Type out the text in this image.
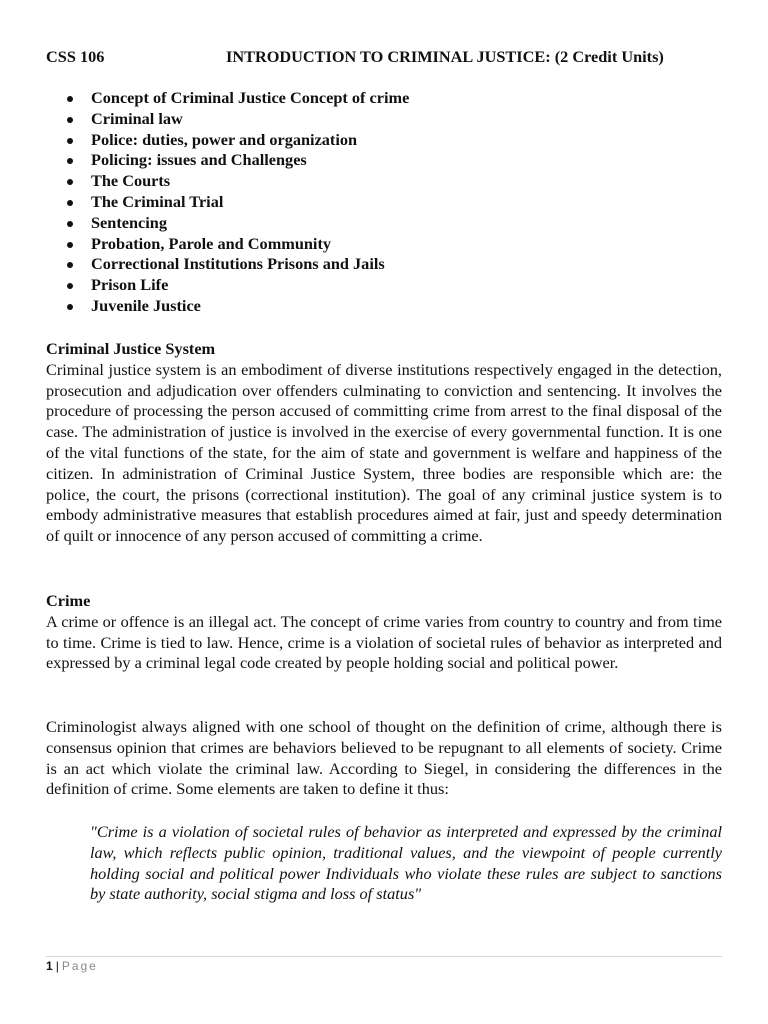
CSS 106	INTRODUCTION TO CRIMINAL JUSTICE: (2 Credit Units)
Concept of Criminal Justice Concept of crime
Criminal law
Police: duties, power and organization
Policing: issues and Challenges
The Courts
The Criminal Trial
Sentencing
Probation, Parole and Community
Correctional Institutions Prisons and Jails
Prison Life
Juvenile Justice
Criminal Justice System

Criminal justice system is an embodiment of diverse institutions respectively engaged in the detection, prosecution and adjudication over offenders culminating to conviction and sentencing. It involves the procedure of processing the person accused of committing crime from arrest to the final disposal of the case. The administration of justice is involved in the exercise of every governmental function. It is one of the vital functions of the state, for the aim of state and government is welfare and happiness of the citizen. In administration of Criminal Justice System, three bodies are responsible which are: the police, the court, the prisons (correctional institution). The goal of any criminal justice system is to embody administrative measures that establish procedures aimed at fair, just and speedy determination of quilt or innocence of any person accused of committing a crime.

Crime

A crime or offence is an illegal act. The concept of crime varies from country to country and from time to time. Crime is tied to law. Hence, crime is a violation of societal rules of behavior as interpreted and expressed by a criminal legal code created by people holding social and political power.

Criminologist always aligned with one school of thought on the definition of crime, although there is consensus opinion that crimes are behaviors believed to be repugnant to all elements of society. Crime is an act which violate the criminal law. According to Siegel, in considering the differences in the definition of crime. Some elements are taken to define it thus:

"Crime is a violation of societal rules of behavior as interpreted and expressed by the criminal law, which reflects public opinion, traditional values, and the viewpoint of people currently holding social and political power Individuals who violate these rules are subject to sanctions by state authority, social stigma and loss of status"

1 | Page
